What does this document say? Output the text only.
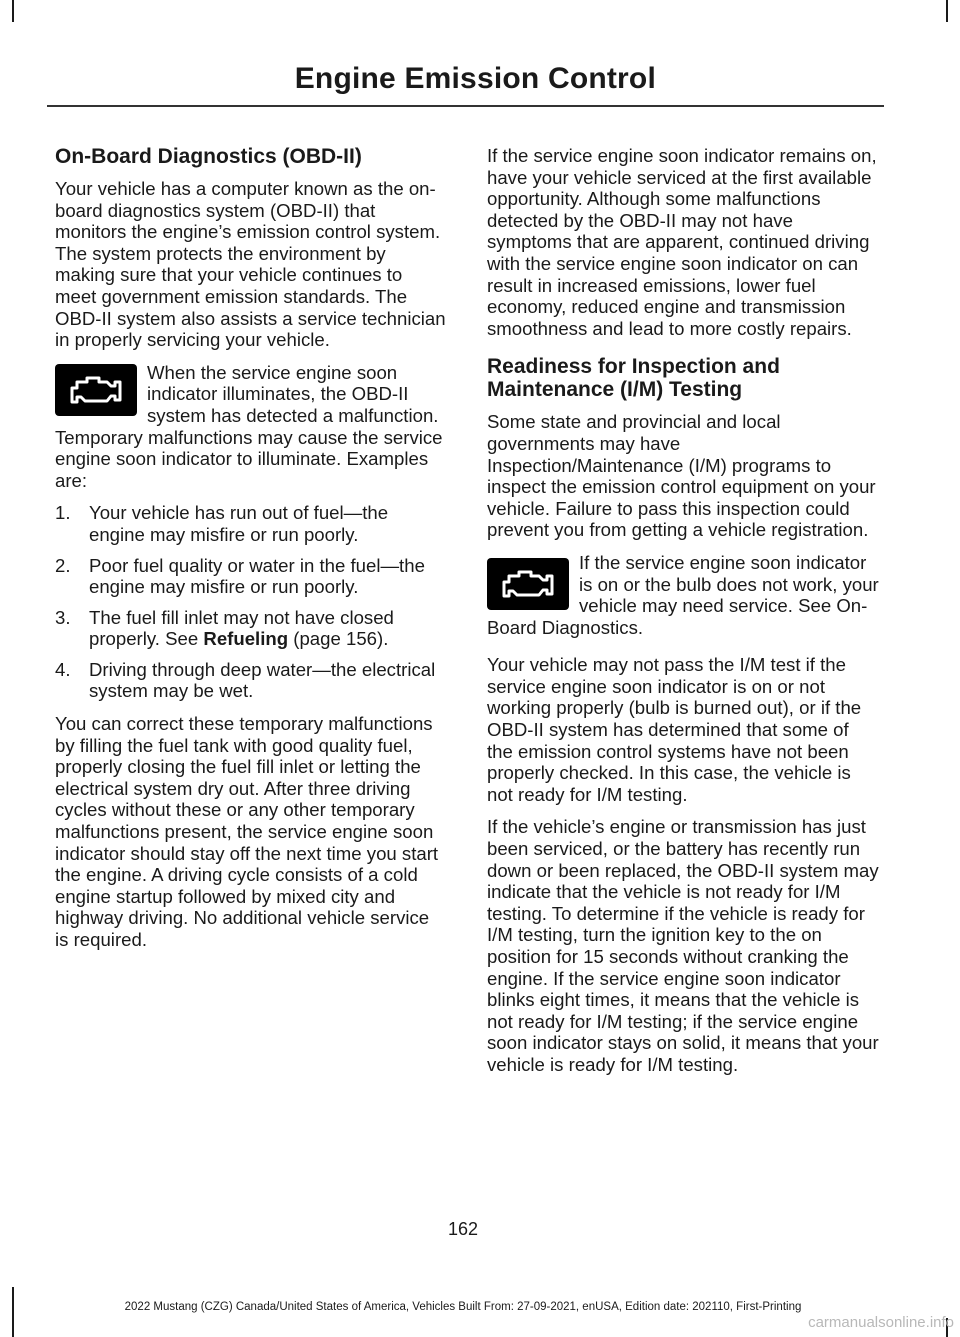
Engine Emission Control
On-Board Diagnostics (OBD-II)

Your vehicle has a computer known as the on-board diagnostics system (OBD-II) that monitors the engine’s emission control system. The system protects the environment by making sure that your vehicle continues to meet government emission standards. The OBD-II system also assists a service technician in properly servicing your vehicle.

When the service engine soon indicator illuminates, the OBD-II system has detected a malfunction. Temporary malfunctions may cause the service engine soon indicator to illuminate. Examples are:

1. Your vehicle has run out of fuel—the engine may misfire or run poorly.
2. Poor fuel quality or water in the fuel—the engine may misfire or run poorly.
3. The fuel fill inlet may not have closed properly. See Refueling (page 156).
4. Driving through deep water—the electrical system may be wet.

You can correct these temporary malfunctions by filling the fuel tank with good quality fuel, properly closing the fuel fill inlet or letting the electrical system dry out. After three driving cycles without these or any other temporary malfunctions present, the service engine soon indicator should stay off the next time you start the engine. A driving cycle consists of a cold engine startup followed by mixed city and highway driving. No additional vehicle service is required.

If the service engine soon indicator remains on, have your vehicle serviced at the first available opportunity. Although some malfunctions detected by the OBD-II may not have symptoms that are apparent, continued driving with the service engine soon indicator on can result in increased emissions, lower fuel economy, reduced engine and transmission smoothness and lead to more costly repairs.

Readiness for Inspection and Maintenance (I/M) Testing

Some state and provincial and local governments may have Inspection/Maintenance (I/M) programs to inspect the emission control equipment on your vehicle. Failure to pass this inspection could prevent you from getting a vehicle registration.

If the service engine soon indicator is on or the bulb does not work, your vehicle may need service. See On-Board Diagnostics.

Your vehicle may not pass the I/M test if the service engine soon indicator is on or not working properly (bulb is burned out), or if the OBD-II system has determined that some of the emission control systems have not been properly checked. In this case, the vehicle is not ready for I/M testing.

If the vehicle’s engine or transmission has just been serviced, or the battery has recently run down or been replaced, the OBD-II system may indicate that the vehicle is not ready for I/M testing. To determine if the vehicle is ready for I/M testing, turn the ignition key to the on position for 15 seconds without cranking the engine. If the service engine soon indicator blinks eight times, it means that the vehicle is not ready for I/M testing; if the service engine soon indicator stays on solid, it means that your vehicle is ready for I/M testing.

162
2022 Mustang (CZG) Canada/United States of America, Vehicles Built From: 27-09-2021, enUSA, Edition date: 202110, First-Printing
carmanualsonline.info
